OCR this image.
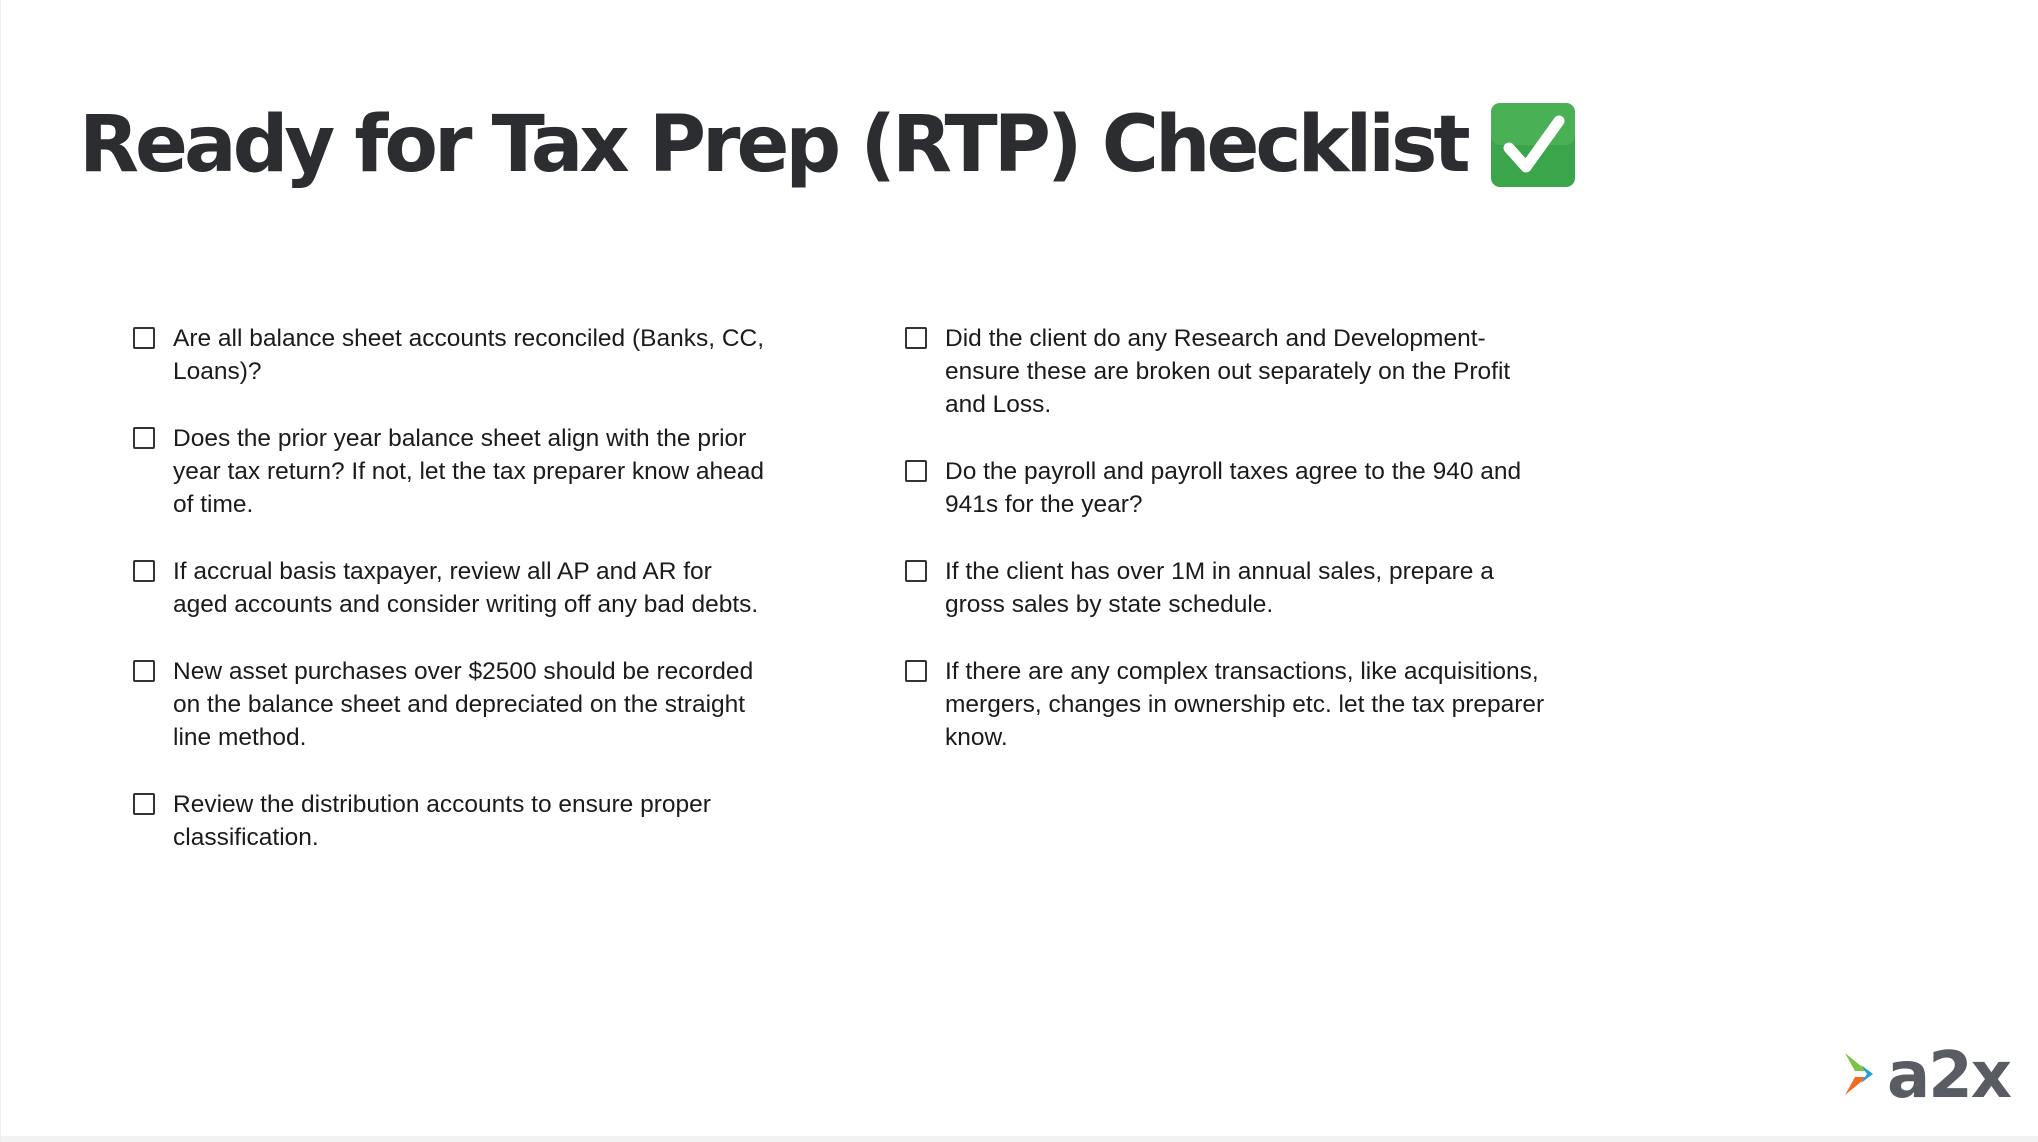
Ready for Tax Prep (RTP) Checklist
Are all balance sheet accounts reconciled (Banks, CC, Loans)?
Does the prior year balance sheet align with the prior year tax return? If not, let the tax preparer know ahead of time.
If accrual basis taxpayer, review all AP and AR for aged accounts and consider writing off any bad debts.
New asset purchases over $2500 should be recorded on the balance sheet and depreciated on the straight line method.
Review the distribution accounts to ensure proper classification.
Did the client do any Research and Development- ensure these are broken out separately on the Profit and Loss.
Do the payroll and payroll taxes agree to the 940 and 941s for the year?
If the client has over 1M in annual sales, prepare a gross sales by state schedule.
If there are any complex transactions, like acquisitions, mergers, changes in ownership etc. let the tax preparer know.
a2x
